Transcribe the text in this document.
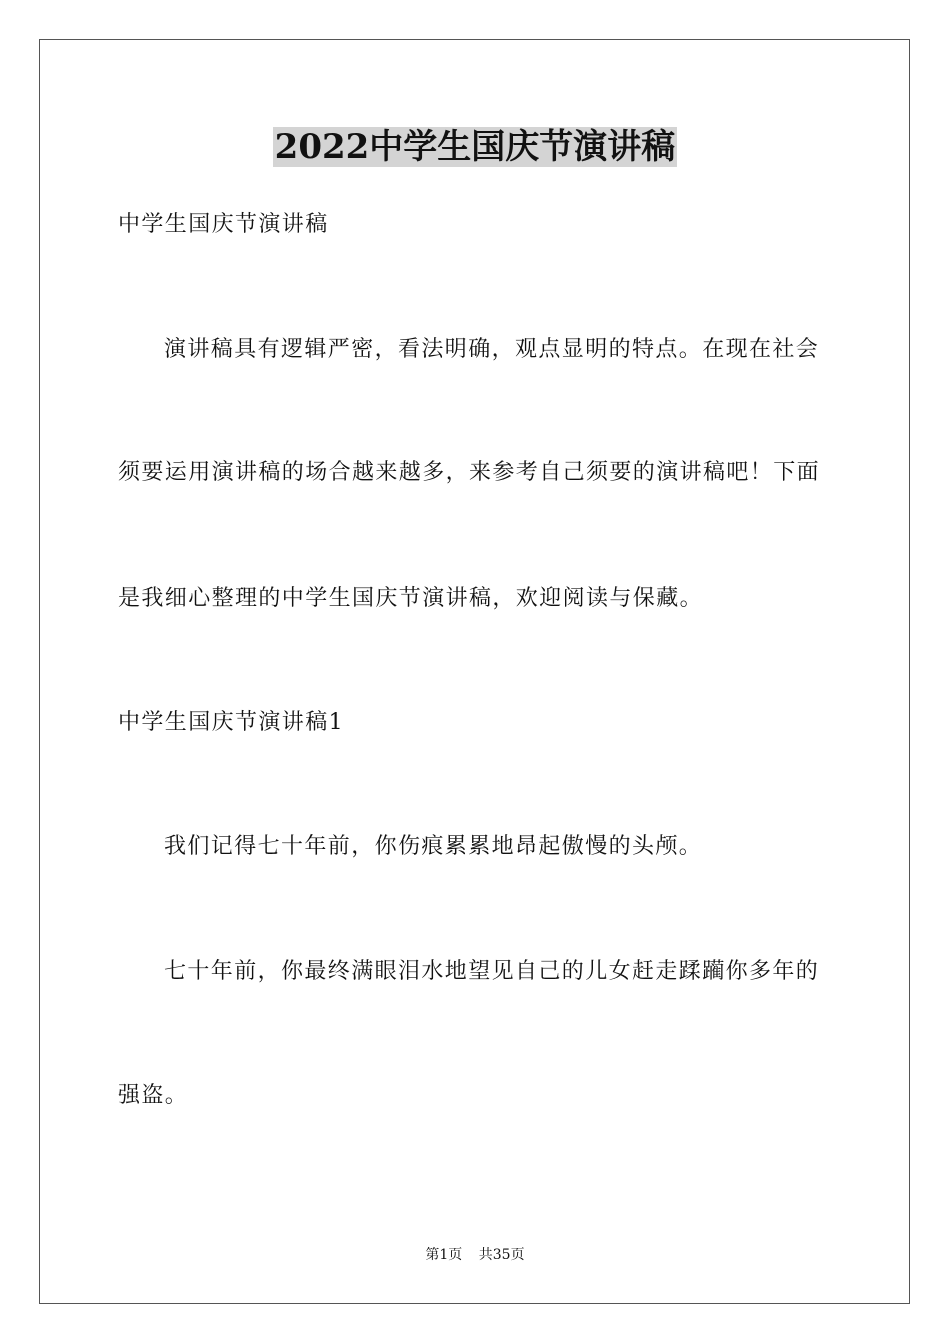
2022中学生国庆节演讲稿
中学生国庆节演讲稿
演讲稿具有逻辑严密，看法明确，观点显明的特点。在现在社会
须要运用演讲稿的场合越来越多，来参考自己须要的演讲稿吧！下面
是我细心整理的中学生国庆节演讲稿，欢迎阅读与保藏。
中学生国庆节演讲稿1
我们记得七十年前，你伤痕累累地昂起傲慢的头颅。
七十年前，你最终满眼泪水地望见自己的儿女赶走蹂躏你多年的
强盗。
第1页 共35页
